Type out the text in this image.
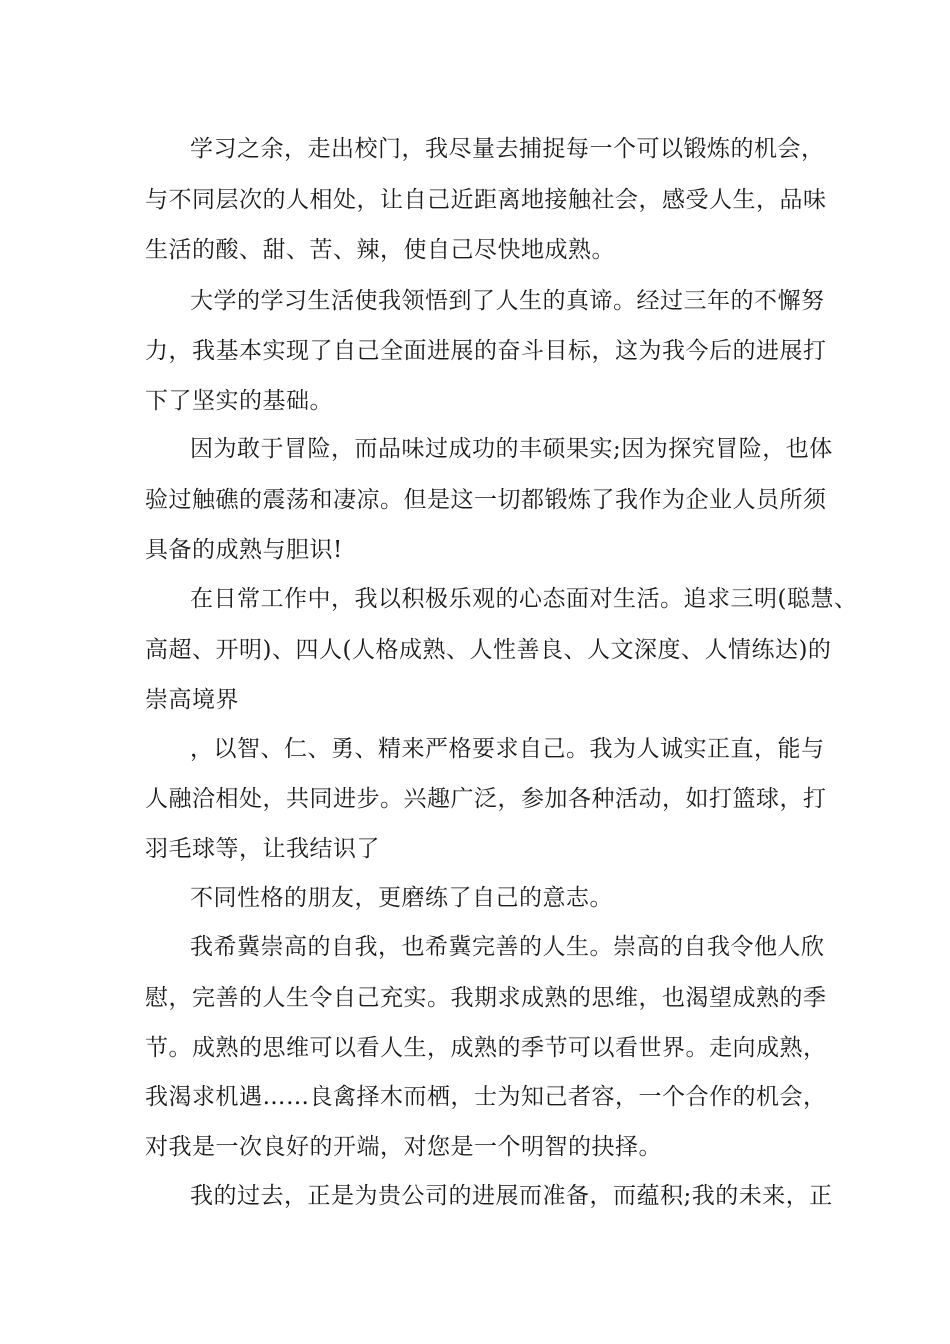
学习之余，走出校门，我尽量去捕捉每一个可以锻炼的机会，
与不同层次的人相处，让自己近距离地接触社会，感受人生，品味
生活的酸、甜、苦、辣，使自己尽快地成熟。
大学的学习生活使我领悟到了人生的真谛。经过三年的不懈努
力，我基本实现了自己全面进展的奋斗目标，这为我今后的进展打
下了坚实的基础。
因为敢于冒险，而品味过成功的丰硕果实;因为探究冒险，也体
验过触礁的震荡和凄凉。但是这一切都锻炼了我作为企业人员所须
具备的成熟与胆识!
在日常工作中，我以积极乐观的心态面对生活。追求三明(聪慧、
高超、开明)、四人(人格成熟、人性善良、人文深度、人情练达)的
崇高境界
，以智、仁、勇、精来严格要求自己。我为人诚实正直，能与
人融洽相处，共同进步。兴趣广泛，参加各种活动，如打篮球，打
羽毛球等，让我结识了
不同性格的朋友，更磨练了自己的意志。
我希冀崇高的自我，也希冀完善的人生。崇高的自我令他人欣
慰，完善的人生令自己充实。我期求成熟的思维，也渴望成熟的季
节。成熟的思维可以看人生，成熟的季节可以看世界。走向成熟，
我渴求机遇……良禽择木而栖，士为知己者容，一个合作的机会，
对我是一次良好的开端，对您是一个明智的抉择。
我的过去，正是为贵公司的进展而准备，而蕴积;我的未来，正
